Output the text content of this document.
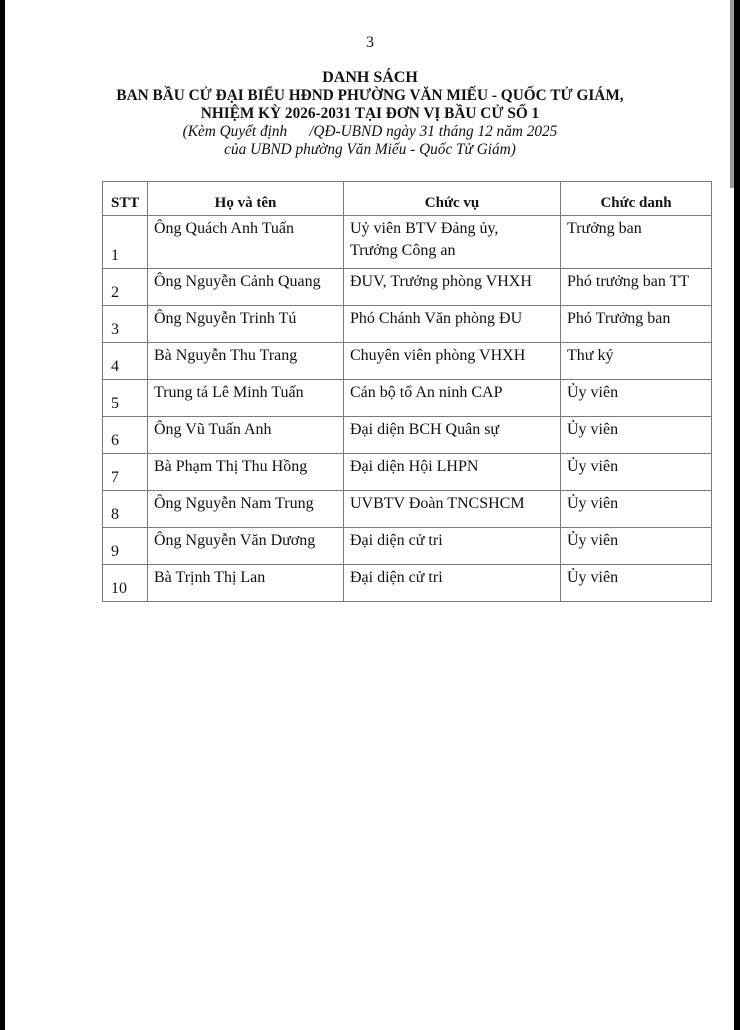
3
DANH SÁCH
BAN BẦU CỬ ĐẠI BIỂU HĐND PHƯỜNG VĂN MIẾU - QUỐC TỬ GIÁM,
NHIỆM KỲ 2026-2031 TẠI ĐƠN VỊ BẦU CỬ SỐ 1
(Kèm Quyết định /QĐ-UBND ngày 31 tháng 12 năm 2025
của UBND phường Văn Miếu - Quốc Tử Giám)
STT	Họ và tên	Chức vụ	Chức danh
1	Ông Quách Anh Tuấn	Uỷ viên BTV Đảng ủy,
Trưởng Công an	Trưởng ban
2	Ông Nguyễn Cảnh Quang	ĐUV, Trưởng phòng VHXH	Phó trưởng ban TT
3	Ông Nguyễn Trinh Tú	Phó Chánh Văn phòng ĐU	Phó Trưởng ban
4	Bà Nguyễn Thu Trang	Chuyên viên phòng VHXH	Thư ký
5	Trung tá Lê Minh Tuấn	Cán bộ tổ An ninh CAP	Ủy viên
6	Ông Vũ Tuấn Anh	Đại diện BCH Quân sự	Ủy viên
7	Bà Phạm Thị Thu Hồng	Đại diện Hội LHPN	Ủy viên
8	Ông Nguyễn Nam Trung	UVBTV Đoàn TNCSHCM	Ủy viên
9	Ông Nguyễn Văn Dương	Đại diện cử tri	Ủy viên
10	Bà Trịnh Thị Lan	Đại diện cử tri	Ủy viên
